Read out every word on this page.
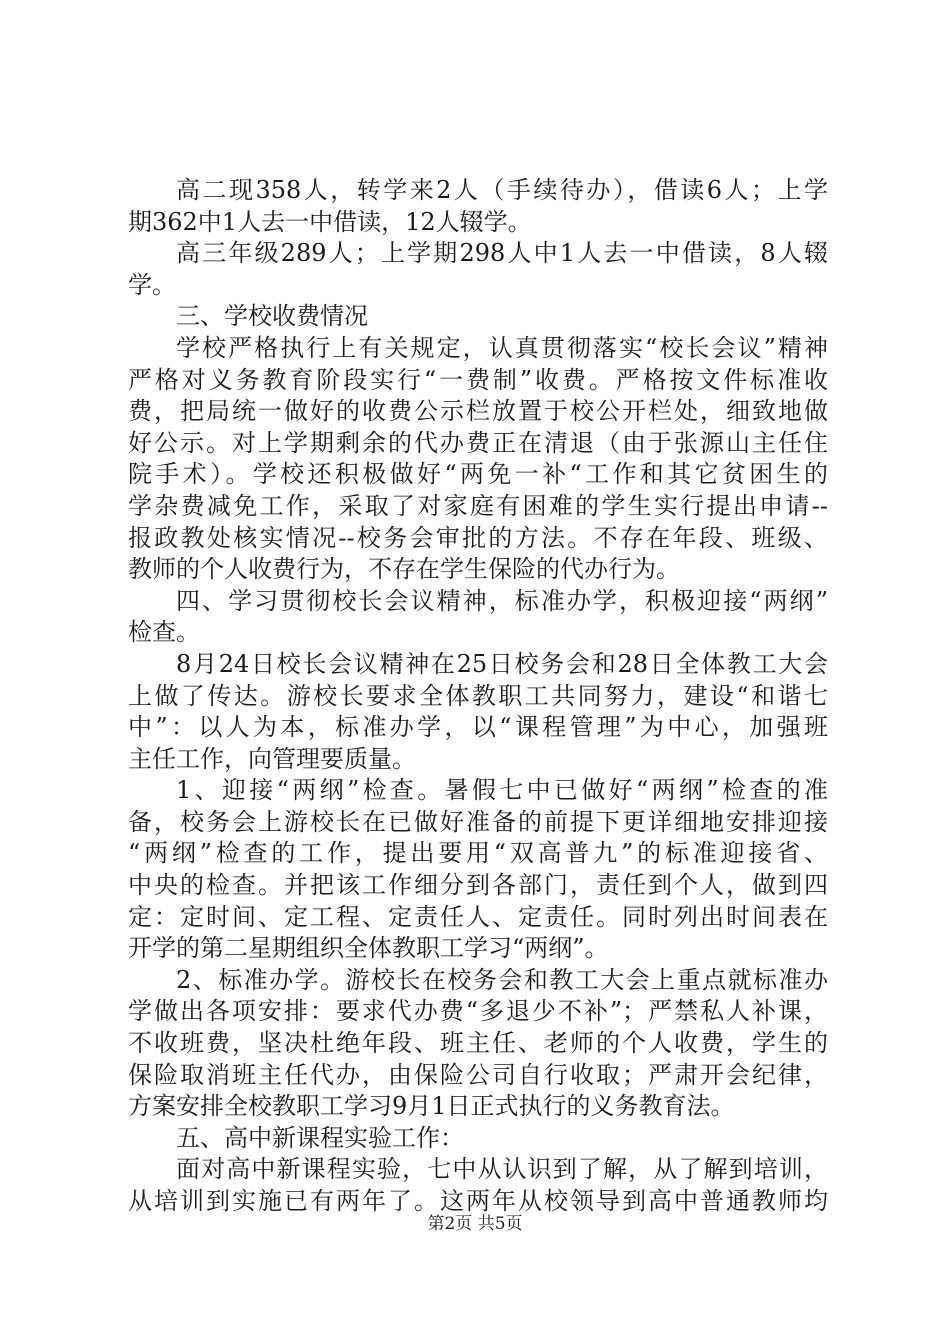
高二现358人，转学来2人（手续待办），借读6人；上学
期362中1人去一中借读，12人辍学。
高三年级289人；上学期298人中1人去一中借读，8人辍
学。
三、学校收费情况
学校严格执行上有关规定，认真贯彻落实“校长会议”精神
严格对义务教育阶段实行“一费制”收费。严格按文件标准收
费，把局统一做好的收费公示栏放置于校公开栏处，细致地做
好公示。对上学期剩余的代办费正在清退（由于张源山主任住
院手术）。学校还积极做好“两免一补“工作和其它贫困生的
学杂费减免工作，采取了对家庭有困难的学生实行提出申请--
报政教处核实情况--校务会审批的方法。不存在年段、班级、
教师的个人收费行为，不存在学生保险的代办行为。
四、学习贯彻校长会议精神，标准办学，积极迎接“两纲”
检查。
8月24日校长会议精神在25日校务会和28日全体教工大会
上做了传达。游校长要求全体教职工共同努力，建设“和谐七
中”：以人为本，标准办学，以“课程管理”为中心，加强班
主任工作，向管理要质量。
1、迎接“两纲”检查。暑假七中已做好“两纲”检查的准
备，校务会上游校长在已做好准备的前提下更详细地安排迎接
“两纲”检查的工作，提出要用“双高普九”的标准迎接省、
中央的检查。并把该工作细分到各部门，责任到个人，做到四
定：定时间、定工程、定责任人、定责任。同时列出时间表在
开学的第二星期组织全体教职工学习“两纲”。
2、标准办学。游校长在校务会和教工大会上重点就标准办
学做出各项安排：要求代办费“多退少不补”；严禁私人补课，
不收班费，坚决杜绝年段、班主任、老师的个人收费，学生的
保险取消班主任代办，由保险公司自行收取；严肃开会纪律，
方案安排全校教职工学习9月1日正式执行的义务教育法。
五、高中新课程实验工作：
面对高中新课程实验，七中从认识到了解，从了解到培训，
从培训到实施已有两年了。这两年从校领导到高中普通教师均
第2页 共5页
